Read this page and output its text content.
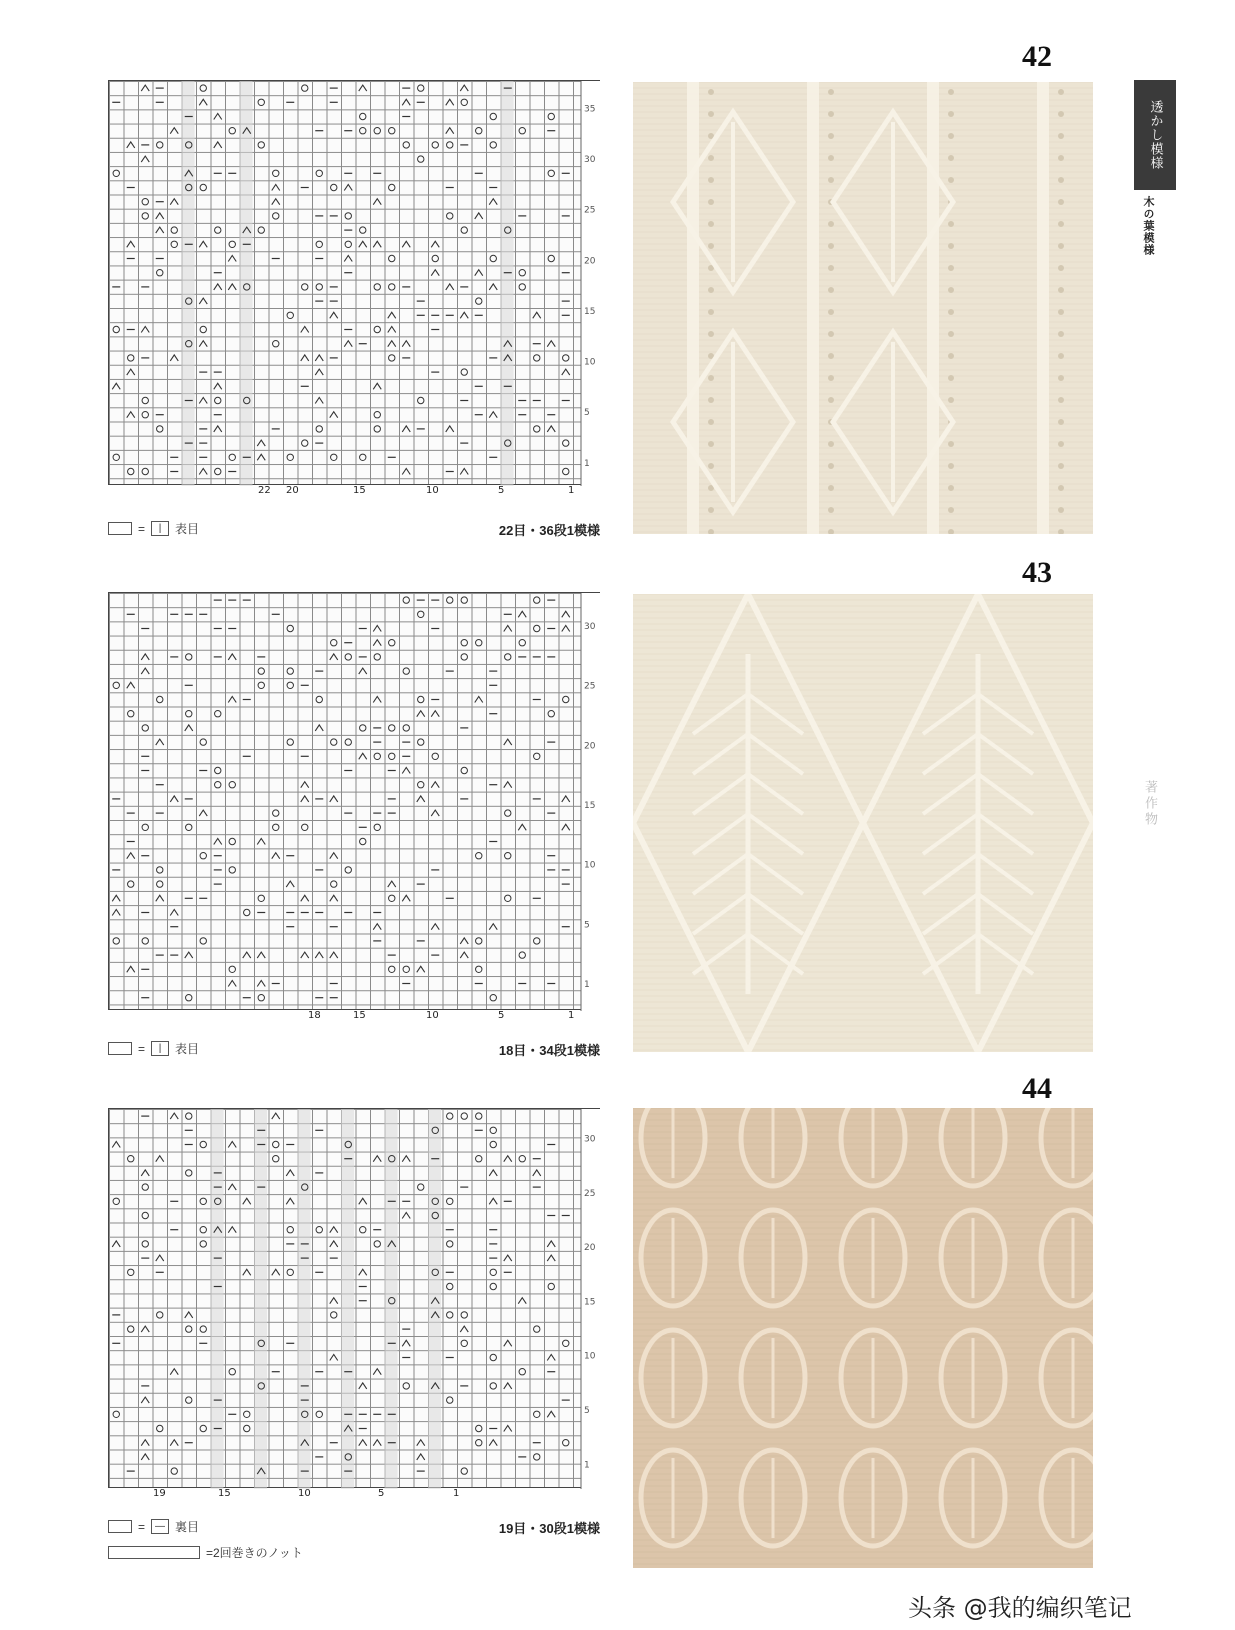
透かし模様
木の葉模様
著作物
42
35
30
25
20
15
10
5
1
22 20	15	10	5	1
=	|	表目	22目・36段1模様
43
30
25
20
15
10
5
1
18	15	10	5	1
=	|	表目	18目・34段1模様
44
30
25
20
15
10
5
1
19	15	10	5	1
=	— 裏目	19目・30段1模様
=2回巻きのノット
头条 @我的编织笔记
